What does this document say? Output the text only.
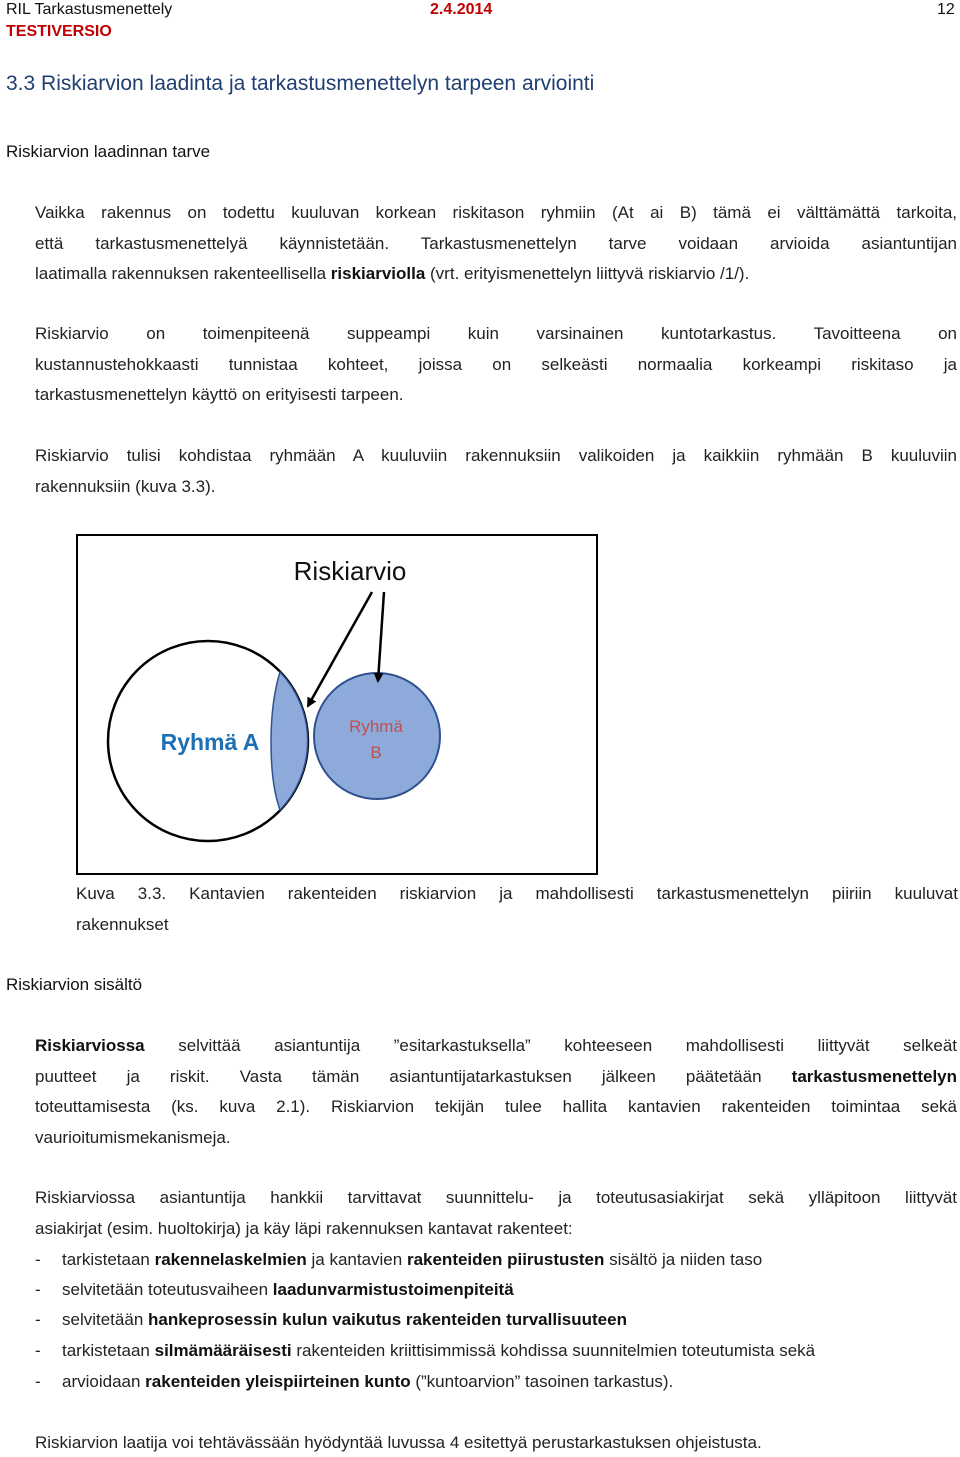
RIL Tarkastusmenettely	2.4.2014	12
TESTIVERSIO
3.3 Riskiarvion laadinta ja tarkastusmenettelyn tarpeen arviointi
Riskiarvion laadinnan tarve
Vaikka rakennus on todettu kuuluvan korkean riskitason ryhmiin (At ai B) tämä ei välttämättä tarkoita,
että tarkastusmenettelyä käynnistetään. Tarkastusmenettelyn tarve voidaan arvioida asiantuntijan
laatimalla rakennuksen rakenteellisella riskiarviolla (vrt. erityismenettelyn liittyvä riskiarvio /1/).
Riskiarvio on toimenpiteenä suppeampi kuin varsinainen kuntotarkastus. Tavoitteena on
kustannustehokkaasti tunnistaa kohteet, joissa on selkeästi normaalia korkeampi riskitaso ja
tarkastusmenettelyn käyttö on erityisesti tarpeen.
Riskiarvio tulisi kohdistaa ryhmään A kuuluviin rakennuksiin valikoiden ja kaikkiin ryhmään B kuuluviin
rakennuksiin (kuva 3.3).
Riskiarvio
Ryhmä A
Ryhmä
B
Kuva 3.3. Kantavien rakenteiden riskiarvion ja mahdollisesti tarkastusmenettelyn piiriin kuuluvat
rakennukset
Riskiarvion sisältö
Riskiarviossa selvittää asiantuntija ”esitarkastuksella” kohteeseen mahdollisesti liittyvät selkeät
puutteet ja riskit. Vasta tämän asiantuntijatarkastuksen jälkeen päätetään tarkastusmenettelyn
toteuttamisesta (ks. kuva 2.1). Riskiarvion tekijän tulee hallita kantavien rakenteiden toimintaa sekä
vaurioitumismekanismeja.
Riskiarviossa asiantuntija hankkii tarvittavat suunnittelu- ja toteutusasiakirjat sekä ylläpitoon liittyvät
asiakirjat (esim. huoltokirja) ja käy läpi rakennuksen kantavat rakenteet:
- tarkistetaan rakennelaskelmien ja kantavien rakenteiden piirustusten sisältö ja niiden taso
- selvitetään toteutusvaiheen laadunvarmistustoimenpiteitä
- selvitetään hankeprosessin kulun vaikutus rakenteiden turvallisuuteen
- tarkistetaan silmämääräisesti rakenteiden kriittisimmissä kohdissa suunnitelmien toteutumista sekä
- arvioidaan rakenteiden yleispiirteinen kunto (”kuntoarvion” tasoinen tarkastus).
Riskiarvion laatija voi tehtävässään hyödyntää luvussa 4 esitettyä perustarkastuksen ohjeistusta.
